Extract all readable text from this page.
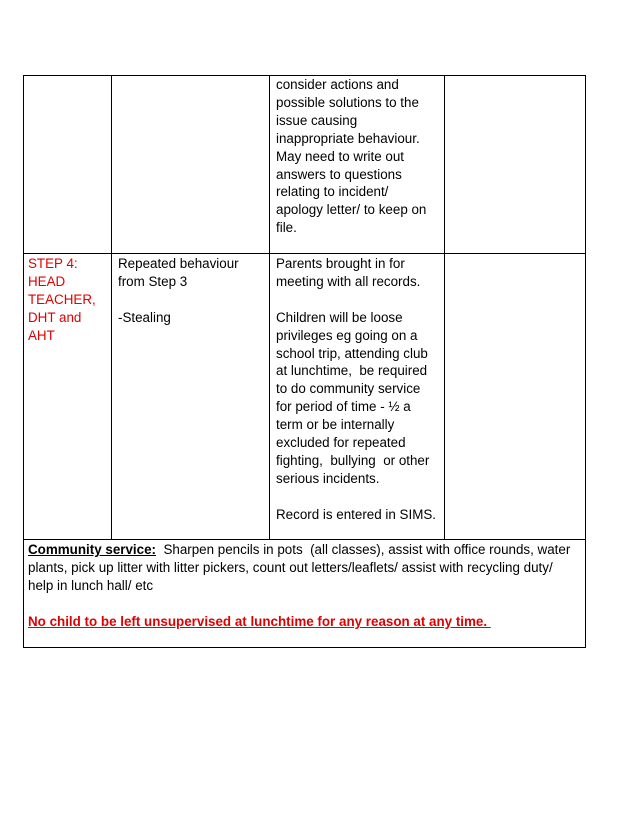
consider actions and
possible solutions to the
issue causing
inappropriate behaviour.
May need to write out
answers to questions
relating to incident/
apology letter/ to keep on
file.
STEP 4:
HEAD
TEACHER,
DHT and
AHT
Repeated behaviour
from Step 3
-Stealing
Parents brought in for
meeting with all records.
Children will be loose
privileges eg going on a
school trip, attending club
at lunchtime,  be required
to do community service
for period of time - ½ a
term or be internally
excluded for repeated
fighting,  bullying  or other
serious incidents.
Record is entered in SIMS.
Community service:  Sharpen pencils in pots  (all classes), assist with office rounds, water
plants, pick up litter with litter pickers, count out letters/leaflets/ assist with recycling duty/
help in lunch hall/ etc
No child to be left unsupervised at lunchtime for any reason at any time.
